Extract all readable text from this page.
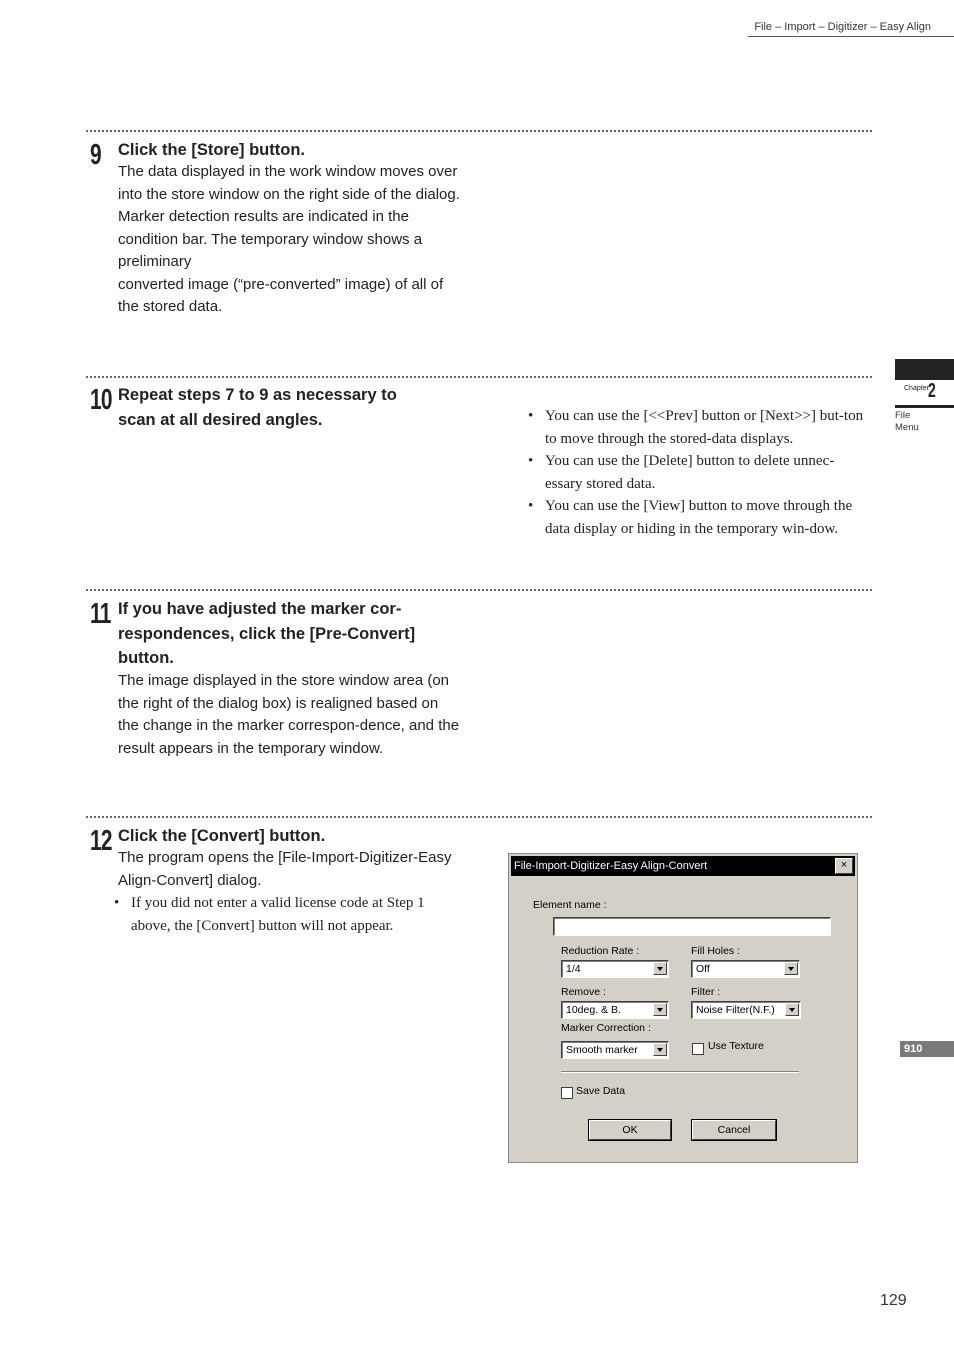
File – Import – Digitizer – Easy Align
Chapter 2
File
Menu
910
9 Click the [Store] button.

The data displayed in the work window moves over into the store window on the right side of the dialog.

Marker detection results are indicated in the condition bar. The temporary window shows a preliminary

converted image (“pre-converted” image) of all of the stored data.

10 Repeat steps 7 to 9 as necessary to scan at all desired angles.
•	You can use the [<<Prev] button or [Next>>] but-ton to move through the stored-data displays.
• You can use the [Delete] button to delete unnec-essary stored data.
• You can use the [View] button to move through the data display or hiding in the temporary win-dow.
11 If you have adjusted the marker cor-respondences, click the [Pre-Convert] button.

The image displayed in the store window area (on the right of the dialog box) is realigned based on the change in the marker correspon-dence, and the result appears in the temporary window.

12 Click the [Convert] button.

The program opens the [File-Import-Digitizer-Easy Align-Convert] dialog.

• If you did not enter a valid license code at Step 1 above, the [Convert] button will not appear.
File-Import-Digitizer-Easy Align-Convert	×
Element name :
Reduction Rate :
1/4
Fill Holes :
Off
Remove :
10deg. & B.
Filter :
Noise Filter(N.F.)
Marker Correction :
Smooth marker	Use Texture
Save Data
OK	Cancel
129
